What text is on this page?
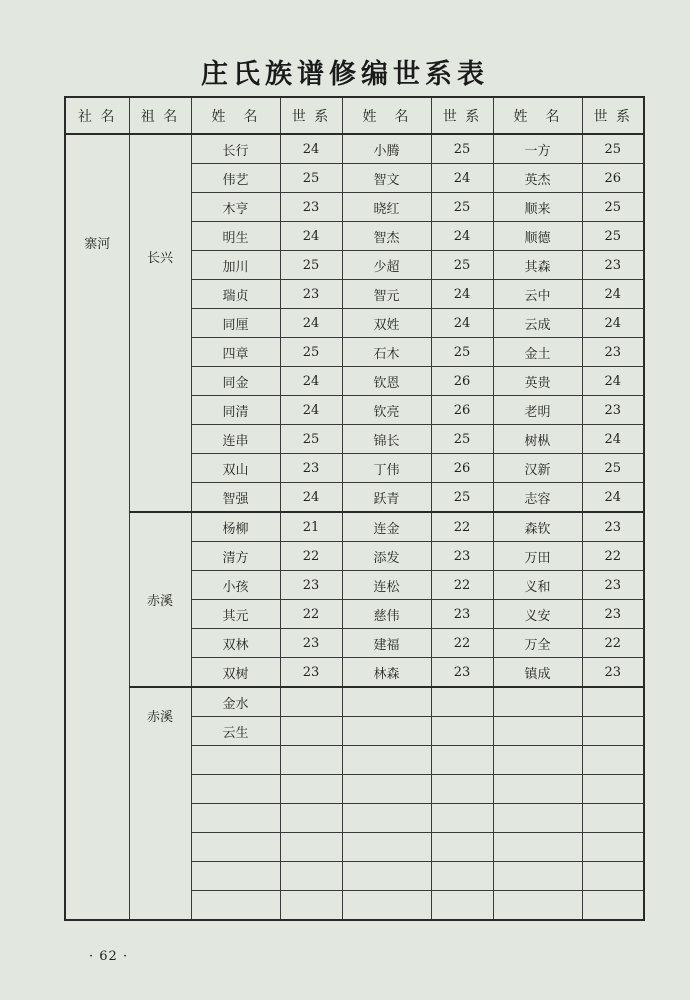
庄氏族谱修编世系表
社 名	祖 名	姓　名	世 系	姓　名	世 系	姓　名	世 系
寨河	长兴	长行	24	小腾	25	一方	25
		伟艺	25	智文	24	英杰	26
		木亨	23	晓红	25	顺来	25
		明生	24	智杰	24	顺德	25
		加川	25	少超	25	其森	23
		瑞贞	23	智元	24	云中	24
		同厘	24	双姓	24	云成	24
		四章	25	石木	25	金土	23
		同金	24	钦恩	26	英贵	24
		同清	24	钦亮	26	老明	23
		连串	25	锦长	25	树枞	24
		双山	23	丁伟	26	汉新	25
		智强	24	跃青	25	志容	24
	赤溪	杨柳	21	连金	22	森钦	23
		清方	22	添发	23	万田	22
		小孩	23	连松	22	义和	23
		其元	22	慈伟	23	义安	23
		双林	23	建福	22	万全	22
		双树	23	林森	23	镇成	23
	赤溪	金水					
		云生					

· 62 ·
